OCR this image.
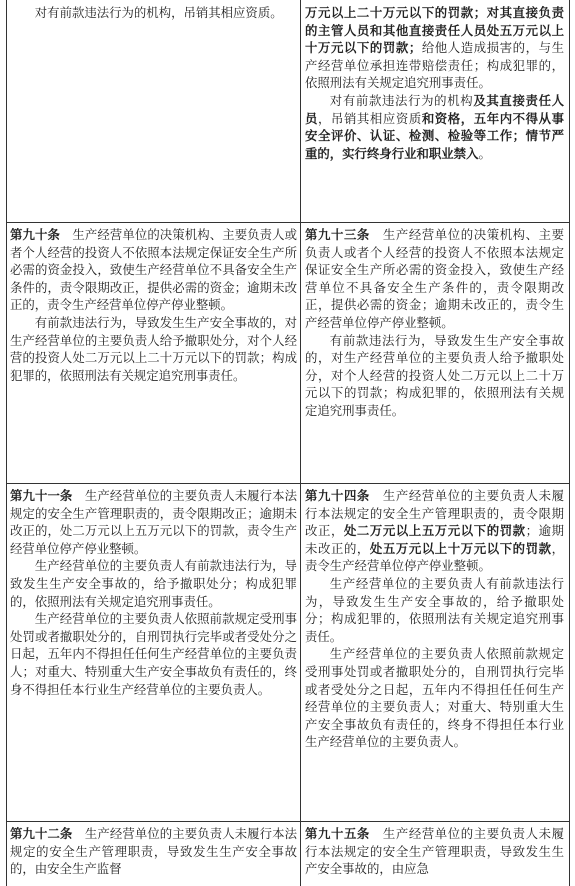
对有前款违法行为的机构，吊销其相应资质。	万元以上二十万元以下的罚款；对其直接负责的主管人员和其他直接责任人员处五万元以上十万元以下的罚款；给他人造成损害的，与生产经营单位承担连带赔偿责任；构成犯罪的，依照刑法有关规定追究刑事责任。

对有前款违法行为的机构及其直接责任人员，吊销其相应资质和资格，五年内不得从事安全评价、认证、检测、检验等工作；情节严重的，实行终身行业和职业禁入。

第九十条　 生产经营单位的决策机构、主要负责人或者个人经营的投资人不依照本法规定保证安全生产所必需的资金投入，致使生产经营单位不具备安全生产条件的，责令限期改正，提供必需的资金；逾期未改正的，责令生产经营单位停产停业整顿。

有前款违法行为，导致发生生产安全事故的，对生产经营单位的主要负责人给予撤职处分，对个人经营的投资人处二万元以上二十万元以下的罚款；构成犯罪的，依照刑法有关规定追究刑事责任。

第九十三条　 生产经营单位的决策机构、主要负责人或者个人经营的投资人不依照本法规定保证安全生产所必需的资金投入，致使生产经营单位不具备安全生产条件的，责令限期改正，提供必需的资金；逾期未改正的，责令生产经营单位停产停业整顿。

有前款违法行为，导致发生生产安全事故的，对生产经营单位的主要负责人给予撤职处分，对个人经营的投资人处二万元以上二十万元以下的罚款；构成犯罪的，依照刑法有关规定追究刑事责任。

第九十一条　 生产经营单位的主要负责人未履行本法规定的安全生产管理职责的，责令限期改正；逾期未改正的，处二万元以上五万元以下的罚款，责令生产经营单位停产停业整顿。

生产经营单位的主要负责人有前款违法行为，导致发生生产安全事故的，给予撤职处分；构成犯罪的，依照刑法有关规定追究刑事责任。

生产经营单位的主要负责人依照前款规定受刑事处罚或者撤职处分的，自刑罚执行完毕或者受处分之日起，五年内不得担任任何生产经营单位的主要负责人；对重大、特别重大生产安全事故负有责任的，终身不得担任本行业生产经营单位的主要负责人。

第九十四条　 生产经营单位的主要负责人未履行本法规定的安全生产管理职责的，责令限期改正，处二万元以上五万元以下的罚款；逾期未改正的，处五万元以上十万元以下的罚款，责令生产经营单位停产停业整顿。

生产经营单位的主要负责人有前款违法行为，导致发生生产安全事故的，给予撤职处分；构成犯罪的，依照刑法有关规定追究刑事责任。

生产经营单位的主要负责人依照前款规定受刑事处罚或者撤职处分的，自刑罚执行完毕或者受处分之日起，五年内不得担任任何生产经营单位的主要负责人；对重大、特别重大生产安全事故负有责任的，终身不得担任本行业生产经营单位的主要负责人。

第九十二条　 生产经营单位的主要负责人未履行本法规定的安全生产管理职责，导致发生生产安全事故的，由安全生产监督

第九十五条　 生产经营单位的主要负责人未履行本法规定的安全生产管理职责，导致发生生产安全事故的，由应急
